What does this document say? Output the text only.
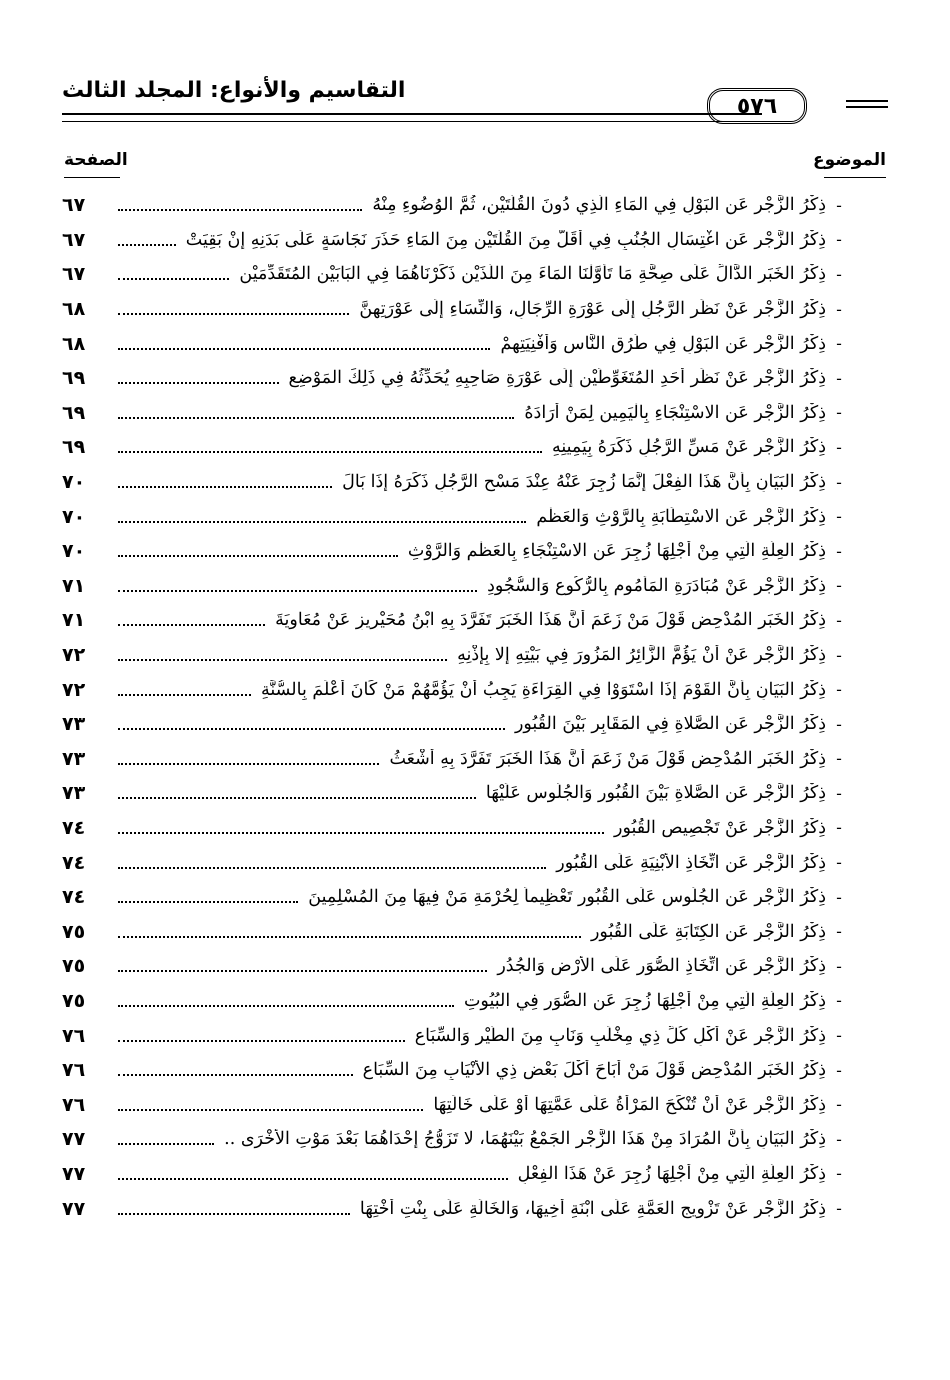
التقاسيم والأنواع: المجلد الثالث
٥٧٦
الموضوع
الصفحة
-
ذِكْرُ الزَّجْرِ عَنِ البَوْلِ فِي المَاءِ الَّذِي دُونَ القُلَّتَيْنِ، ثُمَّ الوُضُوءِ مِنْهُ
٦٧
-
ذِكْرُ الزَّجْرِ عَنِ اغْتِسَالِ الجُنُبِ فِي أَقَلَّ مِنَ القُلَّتَيْنِ مِنَ المَاءِ حَذَرَ نَجَاسَةٍ عَلَى بَدَنِهِ إِنْ بَقِيَتْ
٦٧
-
ذِكْرُ الخَبَرِ الدَّالِّ عَلَى صِحَّةِ مَا تَأَوَّلْنَا المَاءَ مِنَ اللَّذَيْنِ ذَكَرْنَاهُمَا فِي البَابَيْنِ المُتَقَدِّمَيْنِ
٦٧
-
ذِكْرُ الزَّجْرِ عَنْ نَظَرِ الرَّجُلِ إِلَى عَوْرَةِ الرِّجَالِ، وَالنِّسَاءِ إِلَى عَوْرَتِهِنَّ
٦٨
-
ذِكْرُ الزَّجْرِ عَنِ البَوْلِ فِي طُرُقِ النَّاسِ وَأَفْنِيَتِهِمْ
٦٨
-
ذِكْرُ الزَّجْرِ عَنْ نَظَرِ أَحَدِ المُتَغَوِّطَيْنِ إِلَى عَوْرَةِ صَاحِبِهِ يُحَدِّثُهُ فِي ذَلِكَ المَوْضِعِ
٦٩
-
ذِكْرُ الزَّجْرِ عَنِ الاسْتِنْجَاءِ بِالْيَمِينِ لِمَنْ أَرَادَهُ
٦٩
-
ذِكْرُ الزَّجْرِ عَنْ مَسِّ الرَّجُلِ ذَكَرَهُ بِيَمِينِهِ
٦٩
-
ذِكْرُ البَيَانِ بِأَنَّ هَذَا الفِعْلَ إِنَّمَا زُجِرَ عَنْهُ عِنْدَ مَسْحِ الرَّجُلِ ذَكَرَهُ إِذَا بَالَ
٧٠
-
ذِكْرُ الزَّجْرِ عَنِ الاسْتِطَابَةِ بِالرَّوْثِ وَالعَظْمِ
٧٠
-
ذِكْرُ العِلَّةِ الَّتِي مِنْ أَجْلِهَا زُجِرَ عَنِ الاسْتِنْجَاءِ بِالعَظْمِ وَالرَّوْثِ
٧٠
-
ذِكْرُ الزَّجْرِ عَنْ مُبَادَرَةِ المَأْمُومِ بِالرُّكُوعِ وَالسُّجُودِ
٧١
-
ذِكْرُ الخَبَرِ المُدْحِضِ قَوْلَ مَنْ زَعَمَ أَنَّ هَذَا الخَبَرَ تَفَرَّدَ بِهِ ابْنُ مُحَيْرِيزٍ عَنْ مُعَاوِيَةَ
٧١
-
ذِكْرُ الزَّجْرِ عَنْ أَنْ يَؤُمَّ الزَّائِرُ المَزُورَ فِي بَيْتِهِ إلا بِإِذْنِهِ
٧٢
-
ذِكْرُ البَيَانِ بِأَنَّ القَوْمَ إِذَا اسْتَوَوْا فِي القِرَاءَةِ يَجِبُ أَنْ يَؤُمَّهُمْ مَنْ كَانَ أَعْلَمَ بِالسُّنَّةِ
٧٢
-
ذِكْرُ الزَّجْرِ عَنِ الصَّلاةِ فِي المَقَابِرِ بَيْنَ القُبُورِ
٧٣
-
ذِكْرُ الخَبَرِ المُدْحِضِ قَوْلَ مَنْ زَعَمَ أَنَّ هَذَا الخَبَرَ تَفَرَّدَ بِهِ أَشْعَثُ
٧٣
-
ذِكْرُ الزَّجْرِ عَنِ الصَّلاةِ بَيْنَ القُبُورِ وَالجُلُوسِ عَلَيْهَا
٧٣
-
ذِكْرُ الزَّجْرِ عَنْ تَجْصِيصِ القُبُورِ
٧٤
-
ذِكْرُ الزَّجْرِ عَنِ اتِّخَاذِ الأَبْنِيَةِ عَلَى القُبُورِ
٧٤
-
ذِكْرُ الزَّجْرِ عَنِ الجُلُوسِ عَلَى القُبُورِ تَعْظِيماً لِحُرْمَةِ مَنْ فِيهَا مِنَ المُسْلِمِينَ
٧٤
-
ذِكْرُ الزَّجْرِ عَنِ الكِتَابَةِ عَلَى القُبُورِ
٧٥
-
ذِكْرُ الزَّجْرِ عَنِ اتِّخَاذِ الصُّوَرِ عَلَى الأَرْضِ وَالجُدُرِ
٧٥
-
ذِكْرُ العِلَّةِ الَّتِي مِنْ أَجْلِهَا زُجِرَ عَنِ الصُّوَرِ فِي البُيُوتِ
٧٥
-
ذِكْرُ الزَّجْرِ عَنْ أَكْلِ كُلِّ ذِي مِخْلَبٍ وَنَابٍ مِنَ الطَّيْرِ وَالسِّبَاعِ
٧٦
-
ذِكْرُ الخَبَرِ المُدْحِضِ قَوْلَ مَنْ أَبَاحَ أَكْلَ بَعْضِ ذِي الأَنْيَابِ مِنَ السِّبَاعِ
٧٦
-
ذِكْرُ الزَّجْرِ عَنْ أَنْ تُنْكَحَ المَرْأَةُ عَلَى عَمَّتِهَا أَوْ عَلَى خَالَتِهَا
٧٦
-
ذِكْرُ البَيَانِ بِأَنَّ المُرَادَ مِنْ هَذَا الزَّجْرِ الجَمْعُ بَيْنَهُمَا، لا تَزَوُّجُ إِحْدَاهُمَا بَعْدَ مَوْتِ الأُخْرَى ..
٧٧
-
ذِكْرُ العِلَّةِ الَّتِي مِنْ أَجْلِهَا زُجِرَ عَنْ هَذَا الفِعْلِ
٧٧
-
ذِكْرُ الزَّجْرِ عَنْ تَزْوِيجِ العَمَّةِ عَلَى ابْنَةِ أَخِيهَا، وَالخَالَةِ عَلَى بِنْتِ أُخْتِهَا
٧٧
